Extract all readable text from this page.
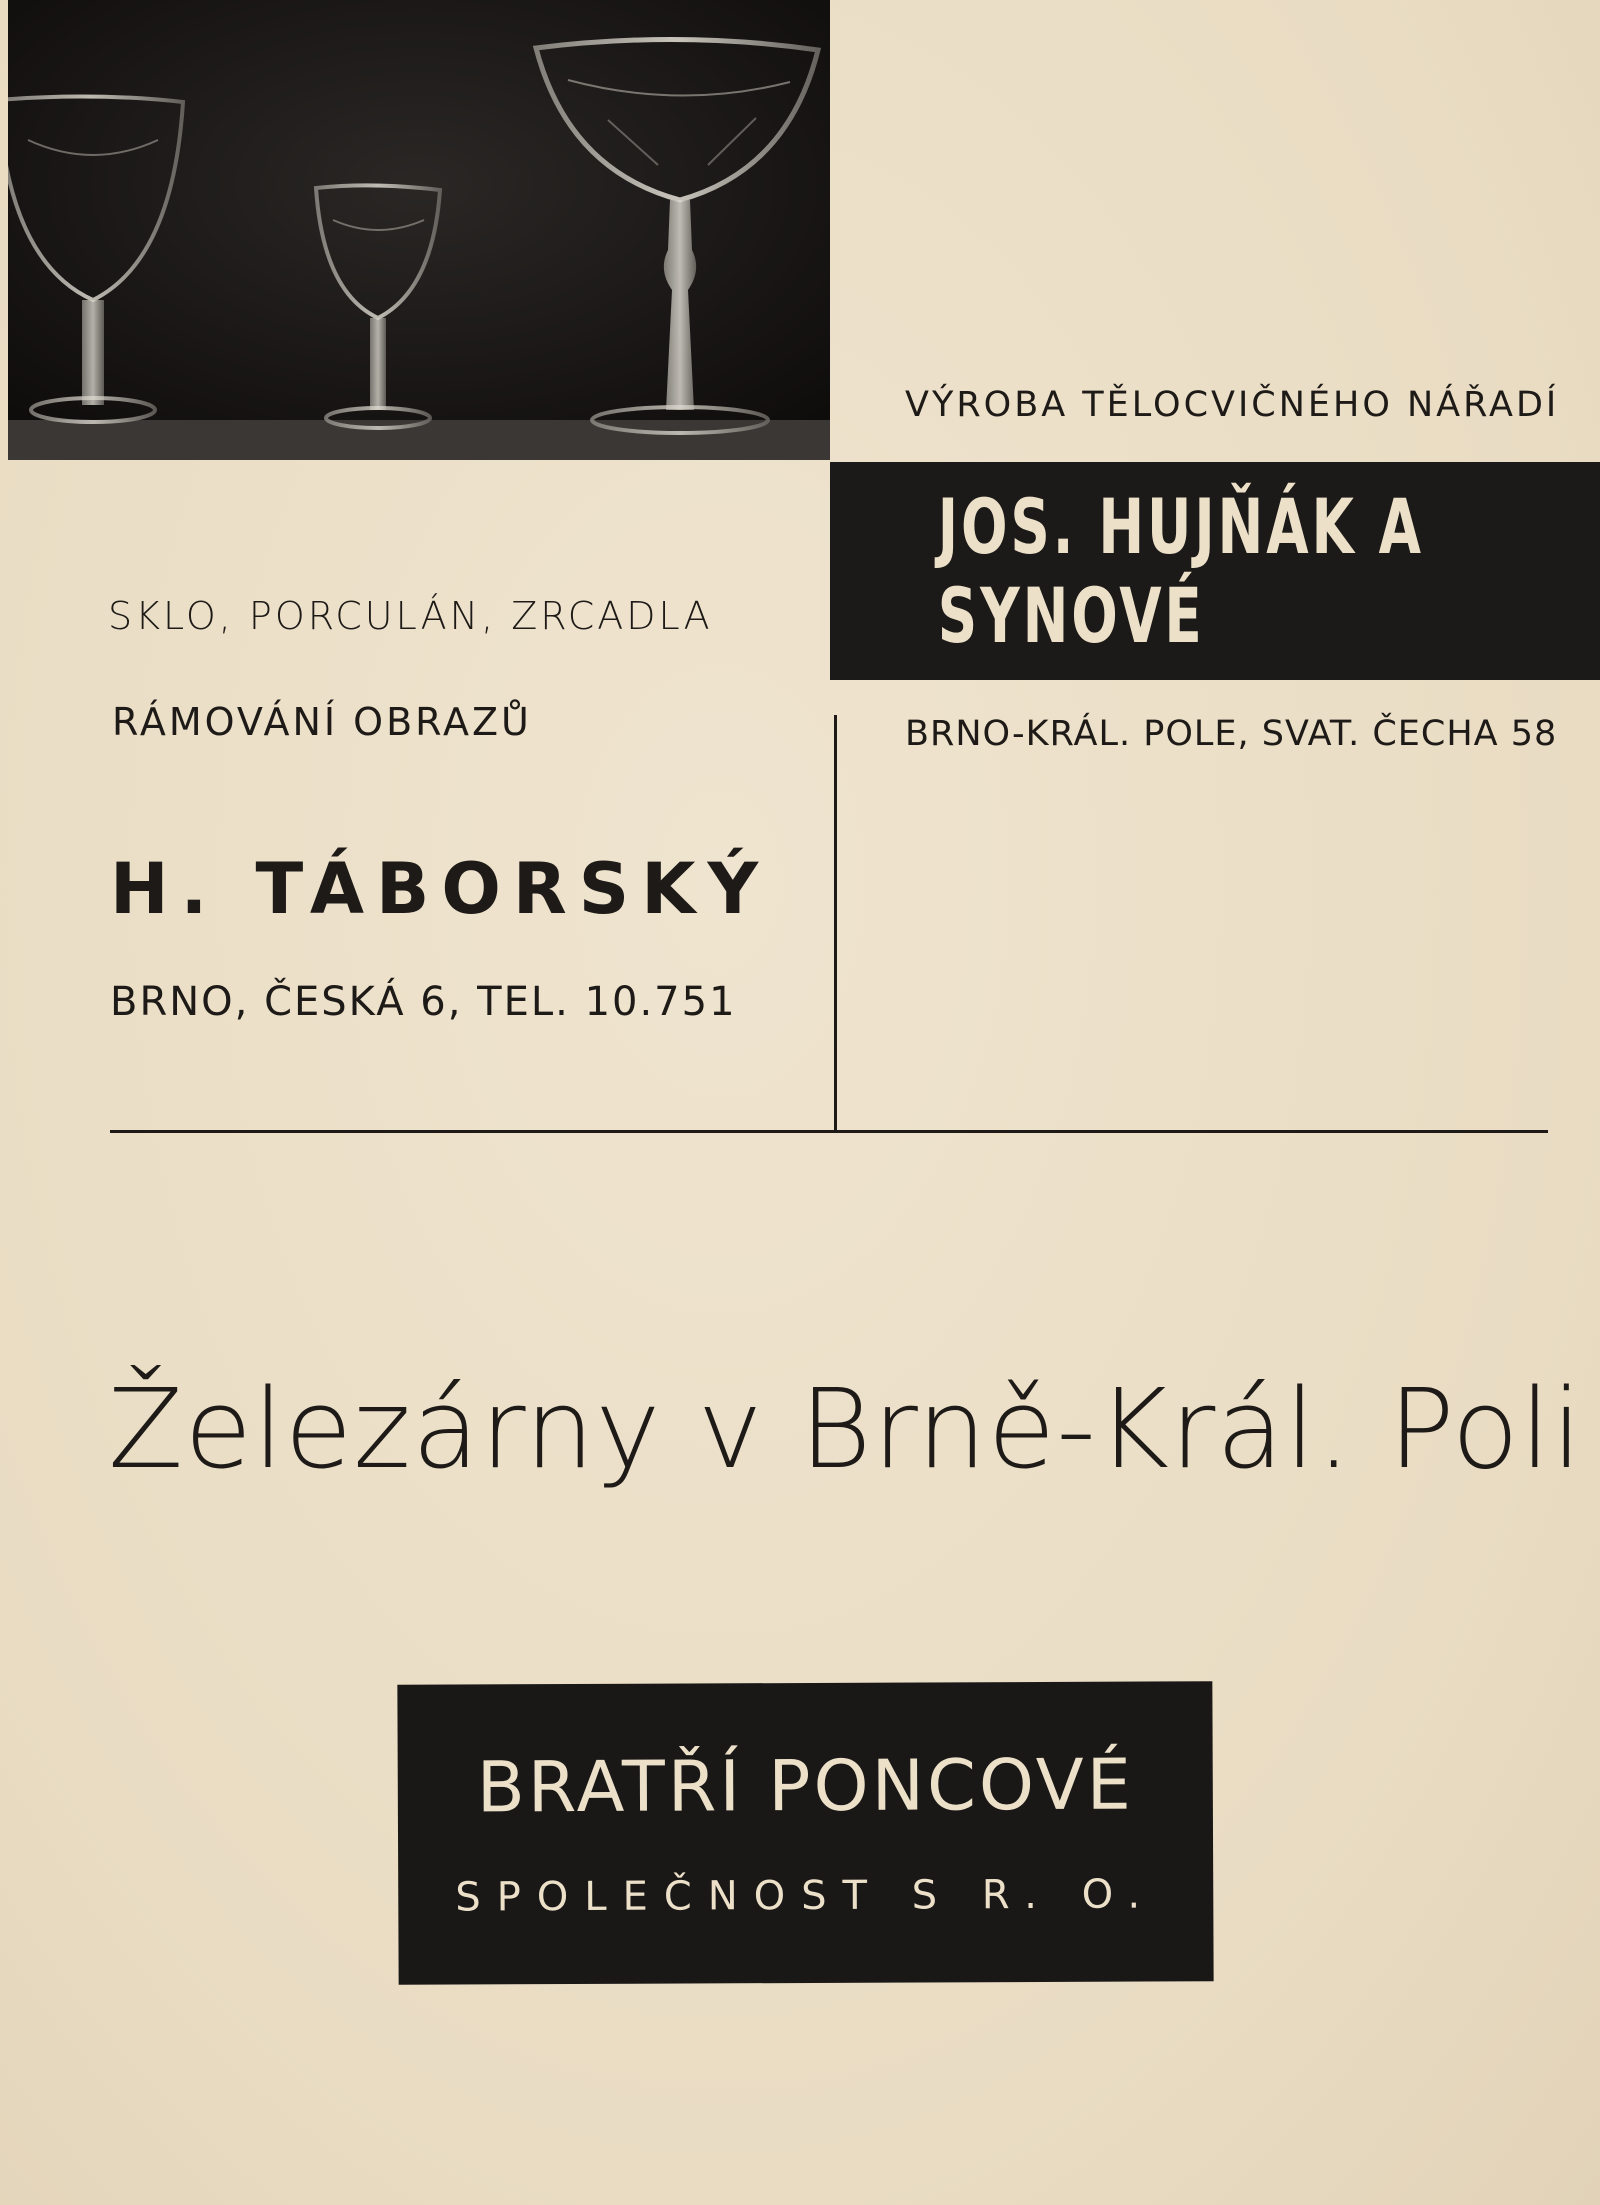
SKLO, PORCULÁN, ZRCADLA
RÁMOVÁNÍ OBRAZŮ
H. TÁBORSKÝ
BRNO, ČESKÁ 6, TEL. 10.751
VÝROBA TĚLOCVIČNÉHO NÁŘADÍ
JOS. HUJŇÁK A SYNOVÉ
BRNO-KRÁL. POLE, SVAT. ČECHA 58
Železárny v Brně-Král. Poli
BRATŘÍ PONCOVÉ
SPOLEČNOST S R. O.
